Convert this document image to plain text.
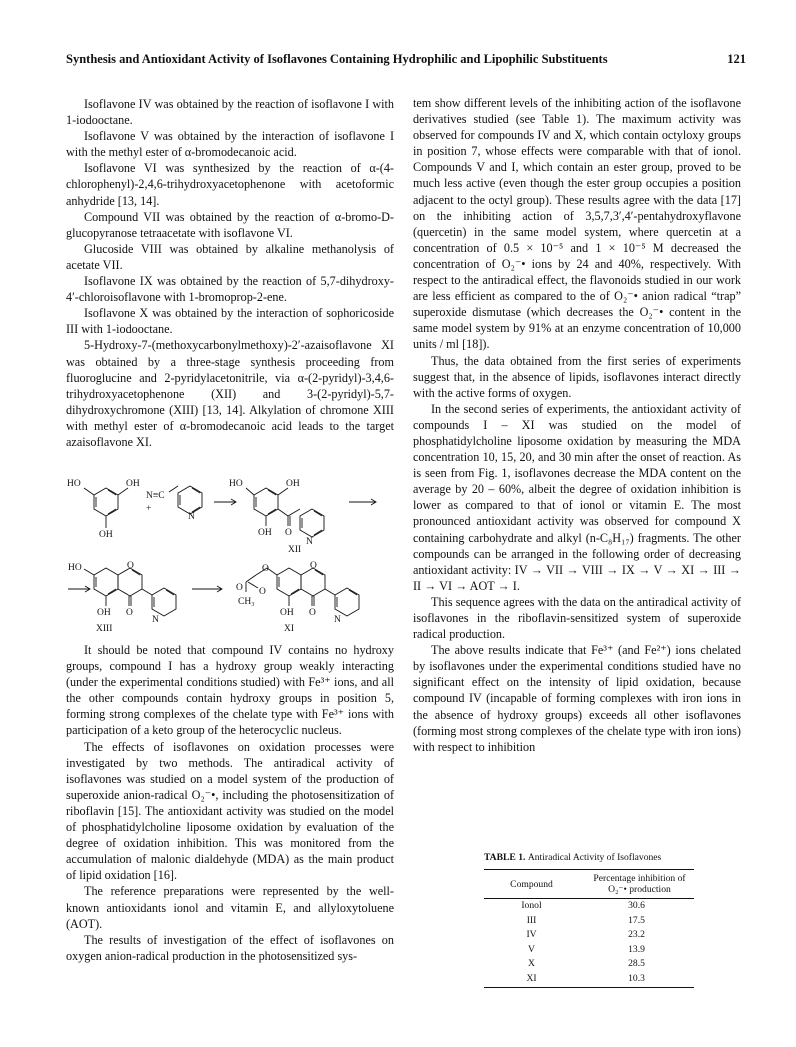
Synthesis and Antioxidant Activity of Isoflavones Containing Hydrophilic and Lipophilic Substituents	121

Isoflavone IV was obtained by the reaction of isoflavone I with 1-iodooctane.

Isoflavone V was obtained by the interaction of isoflavone I with the methyl ester of α-bromodecanoic acid.

Isoflavone VI was synthesized by the reaction of α-(4-chlorophenyl)-2,4,6-trihydroxyacetophenone with acetoformic anhydride [13, 14].

Compound VII was obtained by the reaction of α-bromo-D-glucopyranose tetraacetate with isoflavone VI.

Glucoside VIII was obtained by alkaline methanolysis of acetate VII.

Isoflavone IX was obtained by the reaction of 5,7-dihydroxy-4′-chloroisoflavone with 1-bromoprop-2-ene.

Isoflavone X was obtained by the interaction of sophoricoside III with 1-iodooctane.

5-Hydroxy-7-(methoxycarbonylmethoxy)-2′-azaisoflavone XI was obtained by a three-stage synthesis proceeding from fluoroglucine and 2-pyridylacetonitrile, via α-(2-pyridyl)-3,4,6-trihydroxyacetophenone (XII) and 3-(2-pyridyl)-5,7-dihydroxychromone (XIII) [13, 14]. Alkylation of chromone XIII with methyl ester of α-bromodecanoic acid leads to the target azaisoflavone XI.

HO	OH
OH
N≡C
+
N
HO	OH
OH O
N
XII
HO	O
OH O
N
XIII
O	O
O O
CH₃
OH O
N
XI

It should be noted that compound IV contains no hydroxy groups, compound I has a hydroxy group weakly interacting (under the experimental conditions studied) with Fe³⁺ ions, and all the other compounds contain hydroxy groups in position 5, forming strong complexes of the chelate type with Fe³⁺ ions with participation of a keto group of the heterocyclic nucleus.

The effects of isoflavones on oxidation processes were investigated by two methods. The antiradical activity of isoflavones was studied on a model system of the production of superoxide anion-radical O₂⁻•, including the photosensitization of riboflavin [15]. The antioxidant activity was studied on the model of phosphatidylcholine liposome oxidation by evaluation of the degree of oxidation inhibition. This was monitored from the accumulation of malonic dialdehyde (MDA) as the main product of lipid oxidation [16].

The reference preparations were represented by the well-known antioxidants ionol and vitamin E, and allyloxytoluene (AOT).

The results of investigation of the effect of isoflavones on oxygen anion-radical production in the photosensitized sys-

tem show different levels of the inhibiting action of the isoflavone derivatives studied (see Table 1). The maximum activity was observed for compounds IV and X, which contain octyloxy groups in position 7, whose effects were comparable with that of ionol. Compounds V and I, which contain an ester group, proved to be much less active (even though the ester group occupies a position adjacent to the octyl group). These results agree with the data [17] on the inhibiting action of 3,5,7,3′,4′-pentahydroxyflavone (quercetin) in the same model system, where quercetin at a concentration of 0.5 × 10⁻⁵ and 1 × 10⁻⁵ M decreased the concentration of O₂⁻• ions by 24 and 40%, respectively. With respect to the antiradical effect, the flavonoids studied in our work are less efficient as compared to the of O₂⁻• anion radical “trap” superoxide dismutase (which decreases the O₂⁻• content in the same model system by 91% at an enzyme concentration of 10,000 units / ml [18]).

Thus, the data obtained from the first series of experiments suggest that, in the absence of lipids, isoflavones interact directly with the active forms of oxygen.

In the second series of experiments, the antioxidant activity of compounds I – XI was studied on the model of phosphatidylcholine liposome oxidation by measuring the MDA concentration 10, 15, 20, and 30 min after the onset of reaction. As is seen from Fig. 1, isoflavones decrease the MDA content on the average by 20 – 60%, albeit the degree of oxidation inhibition is lower as compared to that of ionol or vitamin E. The most pronounced antioxidant activity was observed for compound X containing carbohydrate and alkyl (n-C₈H₁₇) fragments. The other compounds can be arranged in the following order of decreasing antioxidant activity: IV → VII → VIII → IX → V → XI → III → II → VI → AOT → I.

This sequence agrees with the data on the antiradical activity of isoflavones in the riboflavin-sensitized system of superoxide radical production.

The above results indicate that Fe³⁺ (and Fe²⁺) ions chelated by isoflavones under the experimental conditions studied have no significant effect on the intensity of lipid oxidation, because compound IV (incapable of forming complexes with iron ions in the absence of hydroxy groups) exceeds all other isoflavones (forming most strong complexes of the chelate type with iron ions) with respect to inhibition

TABLE 1. Antiradical Activity of Isoflavones
Compound	Percentage inhibition of O₂⁻• production
Ionol	30.6
III	17.5
IV	23.2
V	13.9
X	28.5
XI	10.3
